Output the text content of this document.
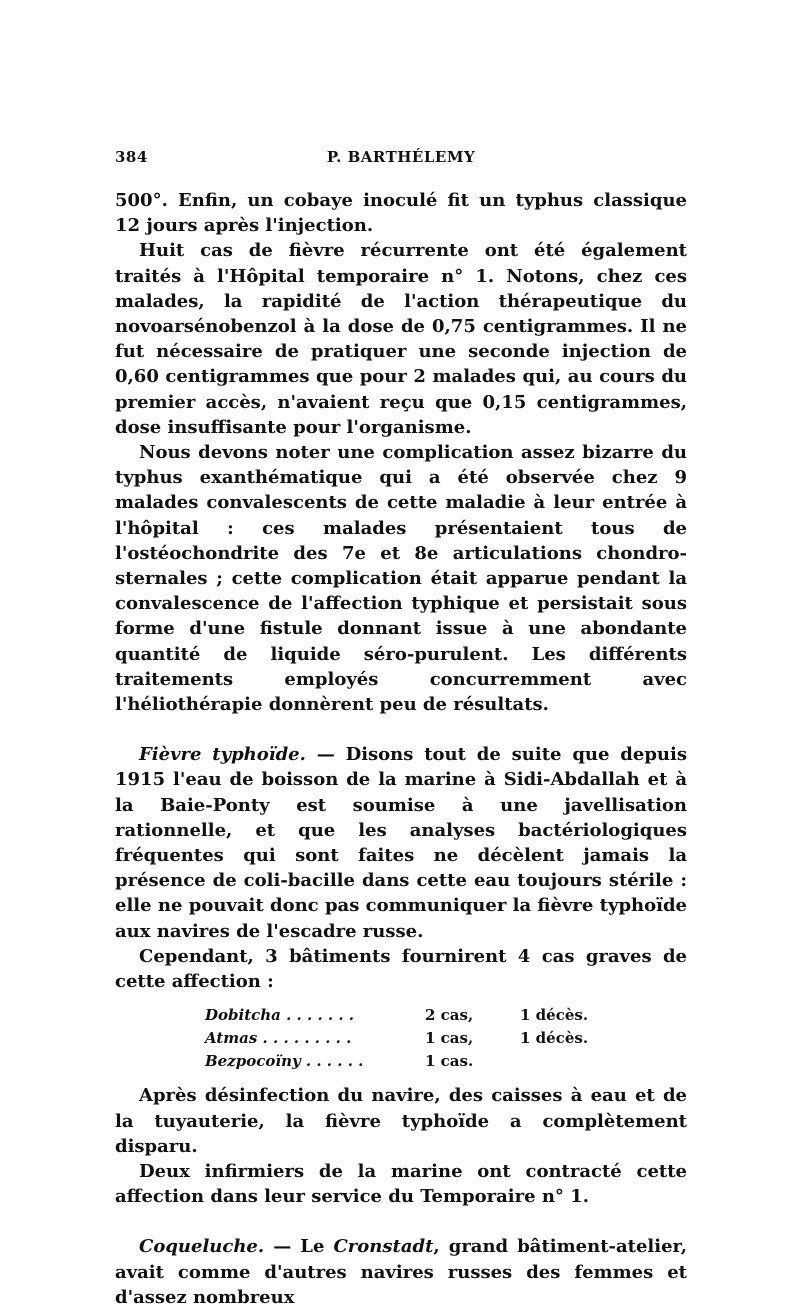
384	P. BARTHÉLEMY

500°. Enfin, un cobaye inoculé fit un typhus classique 12 jours après l'injection.

Huit cas de fièvre récurrente ont été également traités à l'Hôpital temporaire n° 1. Notons, chez ces malades, la rapidité de l'action thérapeutique du novoarsénobenzol à la dose de 0,75 centigrammes. Il ne fut nécessaire de pratiquer une seconde injection de 0,60 centigrammes que pour 2 malades qui, au cours du premier accès, n'avaient reçu que 0,15 centigrammes, dose insuffisante pour l'organisme.

Nous devons noter une complication assez bizarre du typhus exanthématique qui a été observée chez 9 malades convalescents de cette maladie à leur entrée à l'hôpital : ces malades présentaient tous de l'ostéochondrite des 7e et 8e articulations chondro-sternales ; cette complication était apparue pendant la convalescence de l'affection typhique et persistait sous forme d'une fistule donnant issue à une abondante quantité de liquide séro-purulent. Les différents traitements employés concurremment avec l'héliothérapie donnèrent peu de résultats.

Fièvre typhoïde. — Disons tout de suite que depuis 1915 l'eau de boisson de la marine à Sidi-Abdallah et à la Baie-Ponty est soumise à une javellisation rationnelle, et que les analyses bactériologiques fréquentes qui sont faites ne décèlent jamais la présence de coli-bacille dans cette eau toujours stérile : elle ne pouvait donc pas communiquer la fièvre typhoïde aux navires de l'escadre russe.

Cependant, 3 bâtiments fournirent 4 cas graves de cette affection :

Dobitcha . . . . . . .	2 cas,	1 décès.
Atmas . . . . . . . . .	1 cas,	1 décès.
Bezpocoïny . . . . . .	1 cas.	

Après désinfection du navire, des caisses à eau et de la tuyauterie, la fièvre typhoïde a complètement disparu.

Deux infirmiers de la marine ont contracté cette affection dans leur service du Temporaire n° 1.

Coqueluche. — Le Cronstadt, grand bâtiment-atelier, avait comme d'autres navires russes des femmes et d'assez nombreux
